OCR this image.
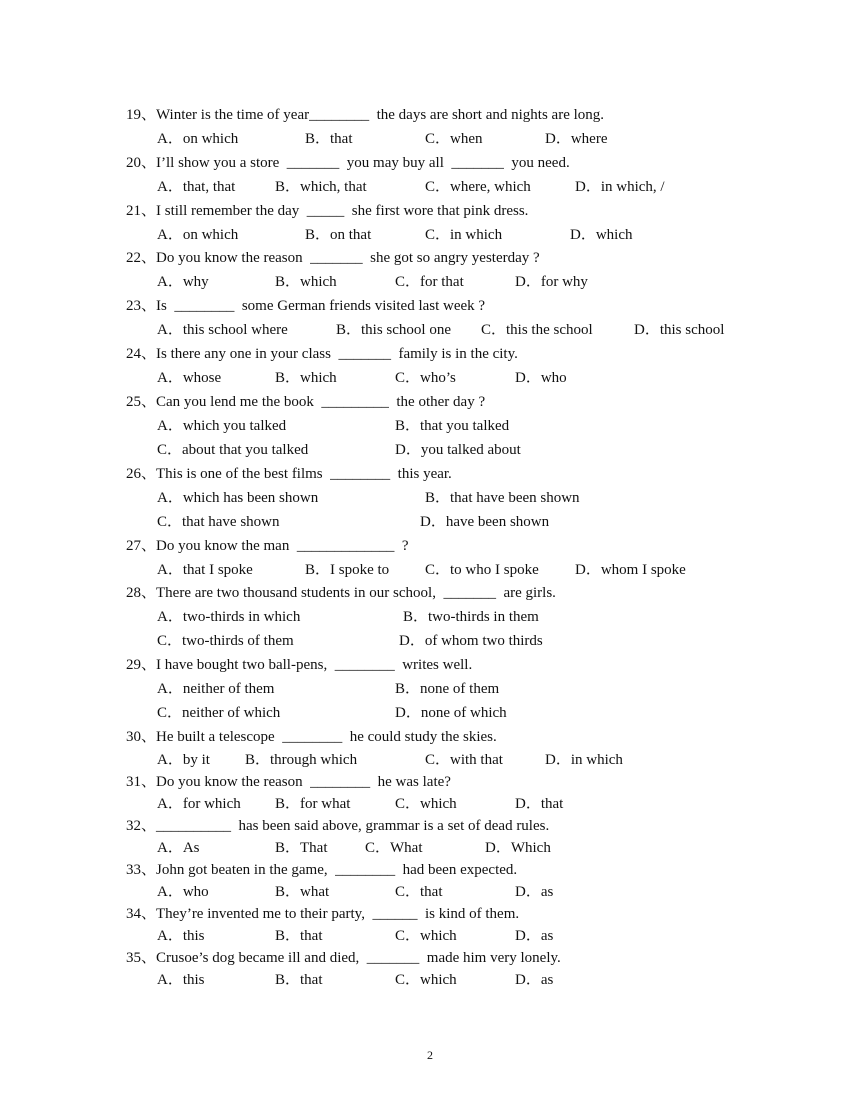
2
19、Winter is the time of year________  the days are short and nights are long.
A．on which	B．that	C．when	D．where
20、I’ll show you a store  _______  you may buy all  _______  you need.
A．that, that	B．which, that	C．where, which	D．in which, /
21、I still remember the day  _____  she first wore that pink dress.
A．on which	B．on that	C．in which	D．which
22、Do you know the reason  _______  she got so angry yesterday ?
A．why	B．which	C．for that	D．for why
23、Is  ________  some German friends visited last week ?
A．this school where	B．this school one C．this the school	D．this school
24、Is there any one in your class  _______  family is in the city.
A．whose	B．which	C．who’s	D．who
25、Can you lend me the book  _________  the other day ?
A．which you talked	B．that you talked
C．about that you talked	D．you talked about
26、This is one of the best films  ________  this year.
A．which has been shown	B．that have been shown
C．that have shown	D．have been shown
27、Do you know the man  _____________  ?
A．that I spoke	B．I spoke to C．to who I spoke D．whom I spoke
28、There are two thousand students in our school,  _______  are girls.
A．two-thirds in which	B．two-thirds in them
C．two-thirds of them	D．of whom two thirds
29、I have bought two ball-pens,  ________  writes well.
A．neither of them	B．none of them
C．neither of which	D．none of which
30、He built a telescope  ________  he could study the skies.
A．by it B．through which	C．with that	D．in which
31、Do you know the reason  ________  he was late?
A．for which B．for what	C．which	D．that
32、__________  has been said above, grammar is a set of dead rules.
A．As	B．That	C．What	D．Which
33、John got beaten in the game,  ________  had been expected.
A．who	B．what	C．that	D．as
34、They’re invented me to their party,  ______  is kind of them.
A．this	B．that	C．which	D．as
35、Crusoe’s dog became ill and died,  _______  made him very lonely.
A．this	B．that	C．which	D．as
